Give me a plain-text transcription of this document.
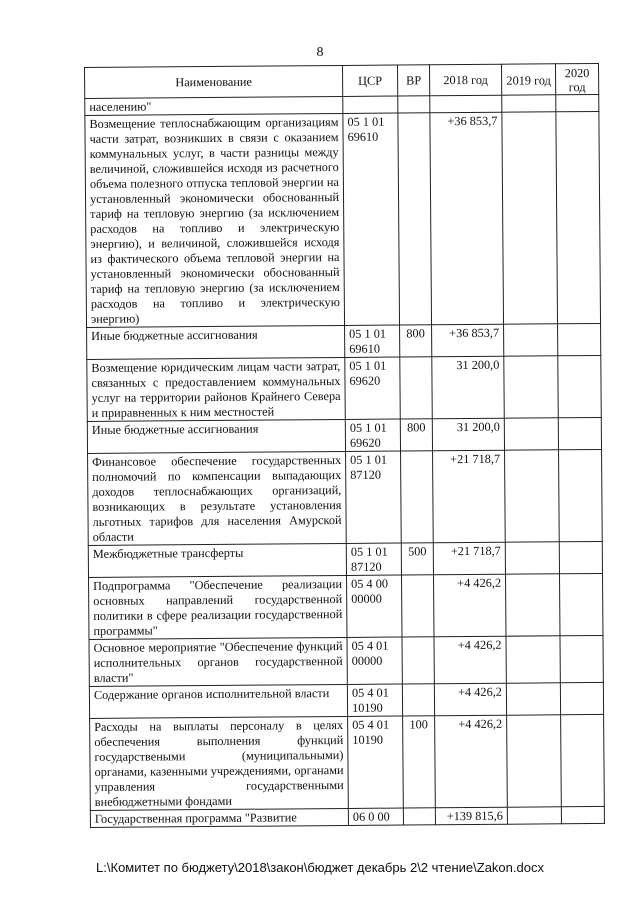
8
Наименование	ЦСР	ВР	2018 год	2019 год	2020 год
населению"					
Возмещение теплоснабжающим организациям части затрат, возникших в связи с оказанием коммунальных услуг, в части разницы между величиной, сложившейся исходя из расчетного объема полезного отпуска тепловой энергии на установленный экономически обоснованный тариф на тепловую энергию (за исключением расходов на топливо и электрическую энергию), и величиной, сложившейся исходя из фактического объема тепловой энергии на установленный экономически обоснованный тариф на тепловую энергию (за исключением расходов на топливо и электрическую энергию)	05 1 01 69610		+36 853,7		
Иные бюджетные ассигнования	05 1 01 69610	800	+36 853,7		
Возмещение юридическим лицам части затрат, связанных с предоставлением коммунальных услуг на территории районов Крайнего Севера и приравненных к ним местностей	05 1 01 69620		31 200,0		
Иные бюджетные ассигнования	05 1 01 69620	800	31 200,0		
Финансовое обеспечение государственных полномочий по компенсации выпадающих доходов теплоснабжающих организаций, возникающих в результате установления льготных тарифов для населения Амурской области	05 1 01 87120		+21 718,7		
Межбюджетные трансферты	05 1 01 87120	500	+21 718,7		
Подпрограмма "Обеспечение реализации основных направлений государственной политики в сфере реализации государственной программы"	05 4 00 00000		+4 426,2		
Основное мероприятие "Обеспечение функций исполнительных органов государственной власти"	05 4 01 00000		+4 426,2		
Содержание органов исполнительной власти	05 4 01 10190		+4 426,2		
Расходы на выплаты персоналу в целях обеспечения выполнения функций государствеными (муниципальными) органами, казенными учреждениями, органами управления государственными внебюджетными фондами	05 4 01 10190	100	+4 426,2		
Государственная программа "Развитие	06 0 00		+139 815,6		
L:\Комитет по бюджету\2018\закон\бюджет декабрь 2\2 чтение\Zakon.docx
